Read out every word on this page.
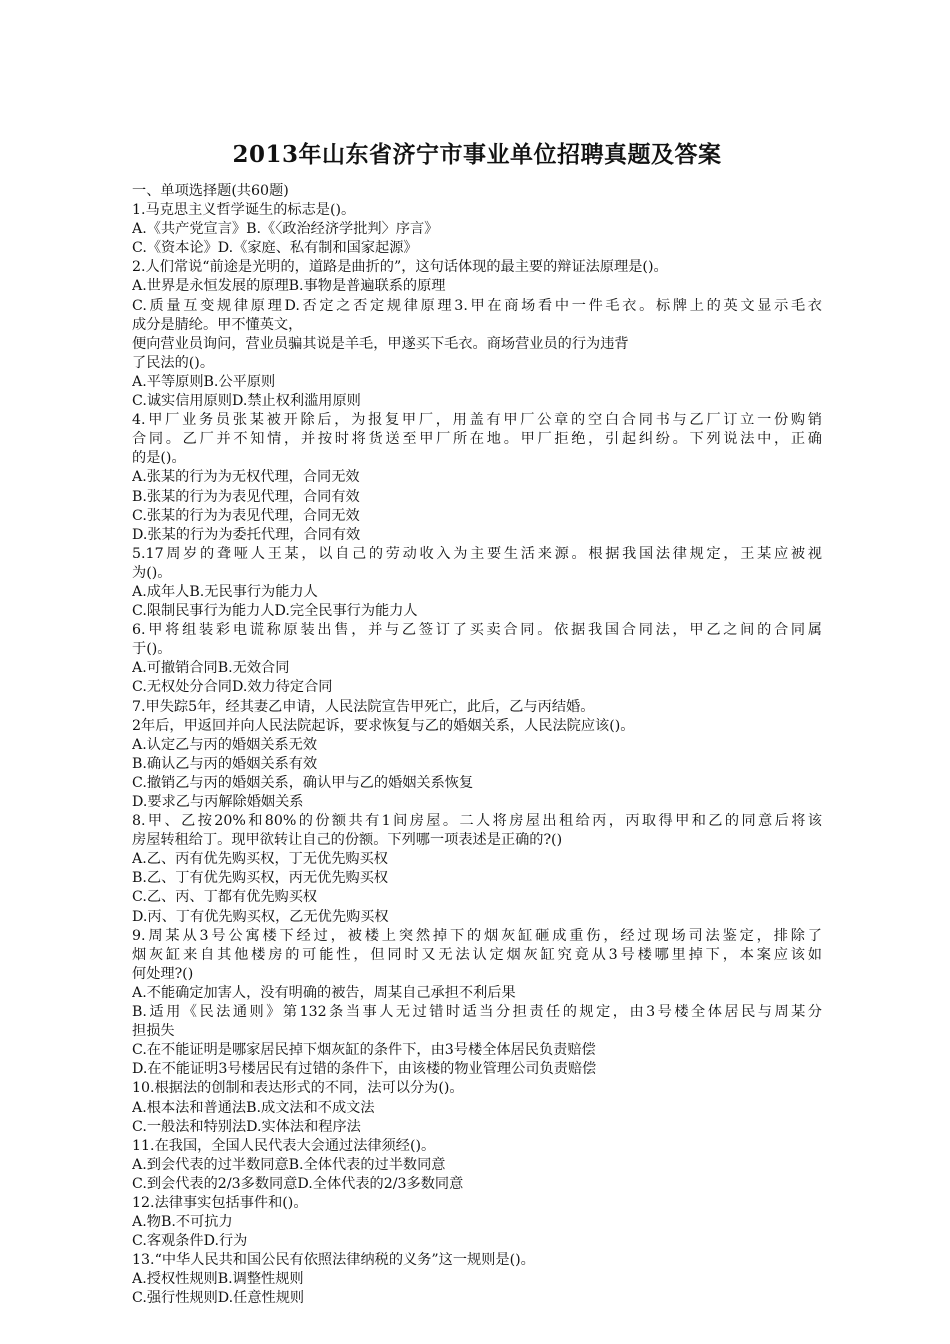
2013年山东省济宁市事业单位招聘真题及答案
一、单项选择题(共60题)
1.马克思主义哲学诞生的标志是()。
A.《共产党宣言》B.《〈政治经济学批判〉序言》
C.《资本论》D.《家庭、私有制和国家起源》
2.人们常说“前途是光明的，道路是曲折的”，这句话体现的最主要的辩证法原理是()。
A.世界是永恒发展的原理B.事物是普遍联系的原理
C.质量互变规律原理D.否定之否定规律原理3.甲在商场看中一件毛衣。标牌上的英文显示毛衣
成分是腈纶。甲不懂英文，
便向营业员询问，营业员骗其说是羊毛，甲遂买下毛衣。商场营业员的行为违背
了民法的()。
A.平等原则B.公平原则
C.诚实信用原则D.禁止权利滥用原则
4.甲厂业务员张某被开除后，为报复甲厂，用盖有甲厂公章的空白合同书与乙厂订立一份购销
合同。乙厂并不知情，并按时将货送至甲厂所在地。甲厂拒绝，引起纠纷。下列说法中，正确
的是()。
A.张某的行为为无权代理，合同无效
B.张某的行为为表见代理，合同有效
C.张某的行为为表见代理，合同无效
D.张某的行为为委托代理，合同有效
5.17周岁的聋哑人王某，以自己的劳动收入为主要生活来源。根据我国法律规定，王某应被视
为()。
A.成年人B.无民事行为能力人
C.限制民事行为能力人D.完全民事行为能力人
6.甲将组装彩电谎称原装出售，并与乙签订了买卖合同。依据我国合同法，甲乙之间的合同属
于()。
A.可撤销合同B.无效合同
C.无权处分合同D.效力待定合同
7.甲失踪5年，经其妻乙申请，人民法院宣告甲死亡，此后，乙与丙结婚。
2年后，甲返回并向人民法院起诉，要求恢复与乙的婚姻关系，人民法院应该()。
A.认定乙与丙的婚姻关系无效
B.确认乙与丙的婚姻关系有效
C.撤销乙与丙的婚姻关系，确认甲与乙的婚姻关系恢复
D.要求乙与丙解除婚姻关系
8.甲、乙按20%和80%的份额共有1间房屋。二人将房屋出租给丙，丙取得甲和乙的同意后将该
房屋转租给丁。现甲欲转让自己的份额。下列哪一项表述是正确的?()
A.乙、丙有优先购买权，丁无优先购买权
B.乙、丁有优先购买权，丙无优先购买权
C.乙、丙、丁都有优先购买权
D.丙、丁有优先购买权，乙无优先购买权
9.周某从3号公寓楼下经过，被楼上突然掉下的烟灰缸砸成重伤，经过现场司法鉴定，排除了
烟灰缸来自其他楼房的可能性，但同时又无法认定烟灰缸究竟从3号楼哪里掉下，本案应该如
何处理?()
A.不能确定加害人，没有明确的被告，周某自己承担不利后果
B.适用《民法通则》第132条当事人无过错时适当分担责任的规定，由3号楼全体居民与周某分
担损失
C.在不能证明是哪家居民掉下烟灰缸的条件下，由3号楼全体居民负责赔偿
D.在不能证明3号楼居民有过错的条件下，由该楼的物业管理公司负责赔偿
10.根据法的创制和表达形式的不同，法可以分为()。
A.根本法和普通法B.成文法和不成文法
C.一般法和特别法D.实体法和程序法
11.在我国，全国人民代表大会通过法律须经()。
A.到会代表的过半数同意B.全体代表的过半数同意
C.到会代表的2/3多数同意D.全体代表的2/3多数同意
12.法律事实包括事件和()。
A.物B.不可抗力
C.客观条件D.行为
13.“中华人民共和国公民有依照法律纳税的义务”这一规则是()。
A.授权性规则B.调整性规则
C.强行性规则D.任意性规则
